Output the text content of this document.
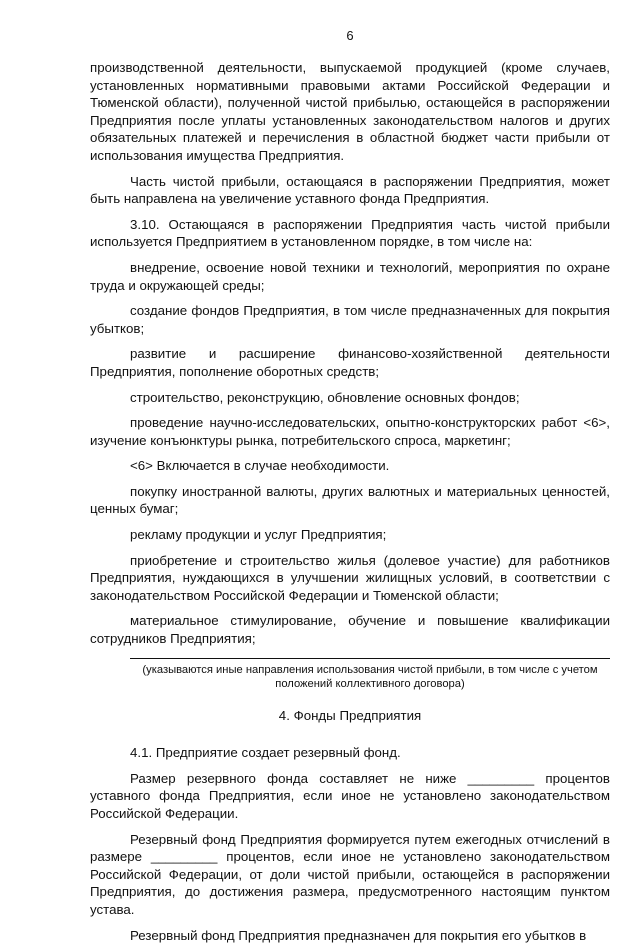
6

производственной деятельности, выпускаемой продукцией (кроме случаев, установленных нормативными правовыми актами Российской Федерации и Тюменской области), полученной чистой прибылью, остающейся в распоряжении Предприятия после уплаты установленных законодательством налогов и других обязательных платежей и перечисления в областной бюджет части прибыли от использования имущества Предприятия.

Часть чистой прибыли, остающаяся в распоряжении Предприятия, может быть направлена на увеличение уставного фонда Предприятия.

3.10. Остающаяся в распоряжении Предприятия часть чистой прибыли используется Предприятием в установленном порядке, в том числе на:

внедрение, освоение новой техники и технологий, мероприятия по охране труда и окружающей среды;

создание фондов Предприятия, в том числе предназначенных для покрытия убытков;

развитие и расширение финансово-хозяйственной деятельности Предприятия, пополнение оборотных средств;

строительство, реконструкцию, обновление основных фондов;

проведение научно-исследовательских, опытно-конструкторских работ <6>, изучение конъюнктуры рынка, потребительского спроса, маркетинг;

<6> Включается в случае необходимости.

покупку иностранной валюты, других валютных и материальных ценностей, ценных бумаг;

рекламу продукции и услуг Предприятия;

приобретение и строительство жилья (долевое участие) для работников Предприятия, нуждающихся в улучшении жилищных условий, в соответствии с законодательством Российской Федерации и Тюменской области;

материальное стимулирование, обучение и повышение квалификации сотрудников Предприятия;

(указываются иные направления использования чистой прибыли, в том числе с учетом положений коллективного договора)
4. Фонды Предприятия

4.1. Предприятие создает резервный фонд.

Размер резервного фонда составляет не ниже _________ процентов уставного фонда Предприятия, если иное не установлено законодательством Российской Федерации.

Резервный фонд Предприятия формируется путем ежегодных отчислений в размере _________ процентов, если иное не установлено законодательством Российской Федерации, от доли чистой прибыли, остающейся в распоряжении Предприятия, до достижения размера, предусмотренного настоящим пунктом устава.

Резервный фонд Предприятия предназначен для покрытия его убытков в
